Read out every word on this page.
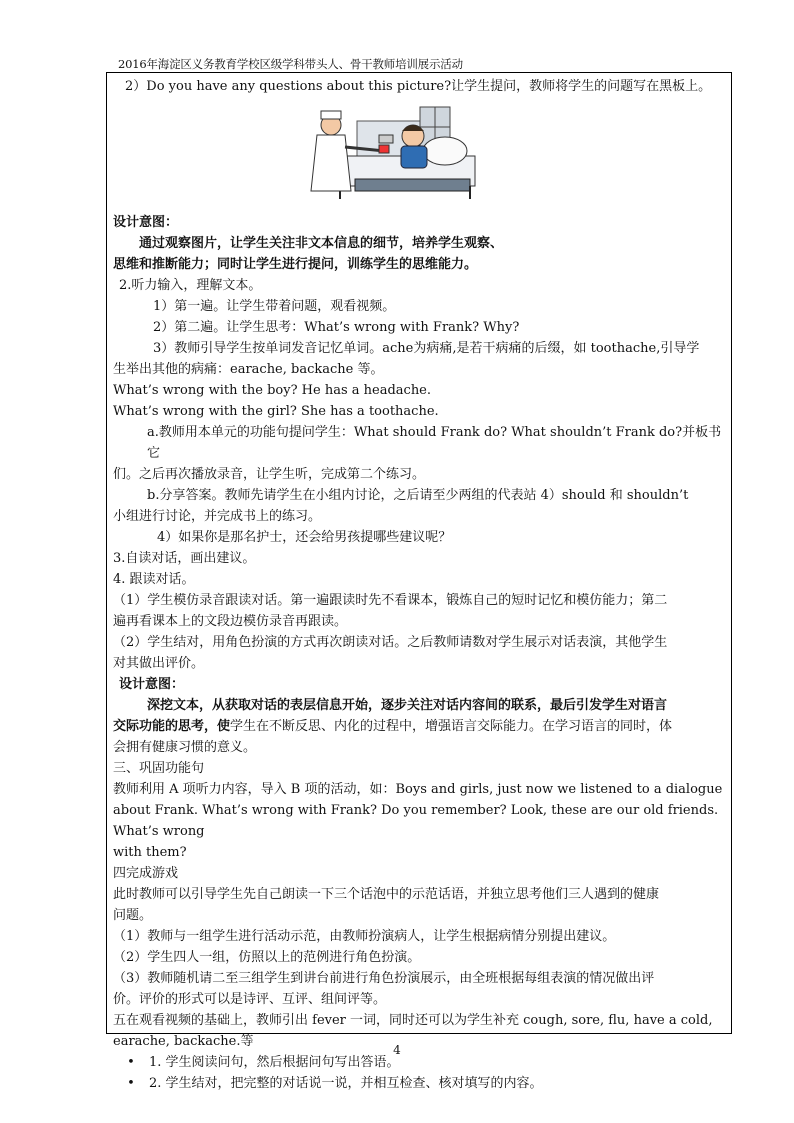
2016年海淀区义务教育学校区级学科带头人、骨干教师培训展示活动

2）Do you have any questions about this picture?让学生提问，教师将学生的问题写在黑板上。

设计意图：

通过观察图片，让学生关注非文本信息的细节，培养学生观察、

思维和推断能力；同时让学生进行提问，训练学生的思维能力。

2.听力输入，理解文本。

1）第一遍。让学生带着问题，观看视频。

2）第二遍。让学生思考：What’s wrong with Frank? Why?

3）教师引导学生按单词发音记忆单词。ache为病痛,是若干病痛的后缀，如 toothache,引导学

生举出其他的病痛：earache, backache 等。

What’s wrong with the boy? He has a headache.

What’s wrong with the girl? She has a toothache.

a.教师用本单元的功能句提问学生：What should Frank do? What shouldn’t Frank do?并板书它

们。之后再次播放录音，让学生听，完成第二个练习。

b.分享答案。教师先请学生在小组内讨论，之后请至少两组的代表站 4）should 和 shouldn’t

小组进行讨论，并完成书上的练习。

4）如果你是那名护士，还会给男孩提哪些建议呢？

3.自读对话，画出建议。

4. 跟读对话。

（1）学生模仿录音跟读对话。第一遍跟读时先不看课本，锻炼自己的短时记忆和模仿能力；第二

遍再看课本上的文段边模仿录音再跟读。

（2）学生结对，用角色扮演的方式再次朗读对话。之后教师请数对学生展示对话表演，其他学生

对其做出评价。

设计意图：

深挖文本，从获取对话的表层信息开始，逐步关注对话内容间的联系，最后引发学生对语言

交际功能的思考，使学生在不断反思、内化的过程中，增强语言交际能力。在学习语言的同时，体

会拥有健康习惯的意义。

三、巩固功能句

教师利用 A 项听力内容，导入 B 项的活动，如：Boys and girls, just now we listened to a dialogue

about Frank. What’s wrong with Frank? Do you remember? Look, these are our old friends. What’s wrong

with them?

四完成游戏

此时教师可以引导学生先自己朗读一下三个话泡中的示范话语，并独立思考他们三人遇到的健康

问题。

（1）教师与一组学生进行活动示范，由教师扮演病人，让学生根据病情分别提出建议。

（2）学生四人一组，仿照以上的范例进行角色扮演。

（3）教师随机请二至三组学生到讲台前进行角色扮演展示，由全班根据每组表演的情况做出评

价。评价的形式可以是诗评、互评、组间评等。

五在观看视频的基础上，教师引出 fever 一词，同时还可以为学生补充 cough, sore, flu, have a cold,

earache, backache.等

• 1. 学生阅读问句，然后根据问句写出答语。

• 2. 学生结对，把完整的对话说一说，并相互检查、核对填写的内容。

4
